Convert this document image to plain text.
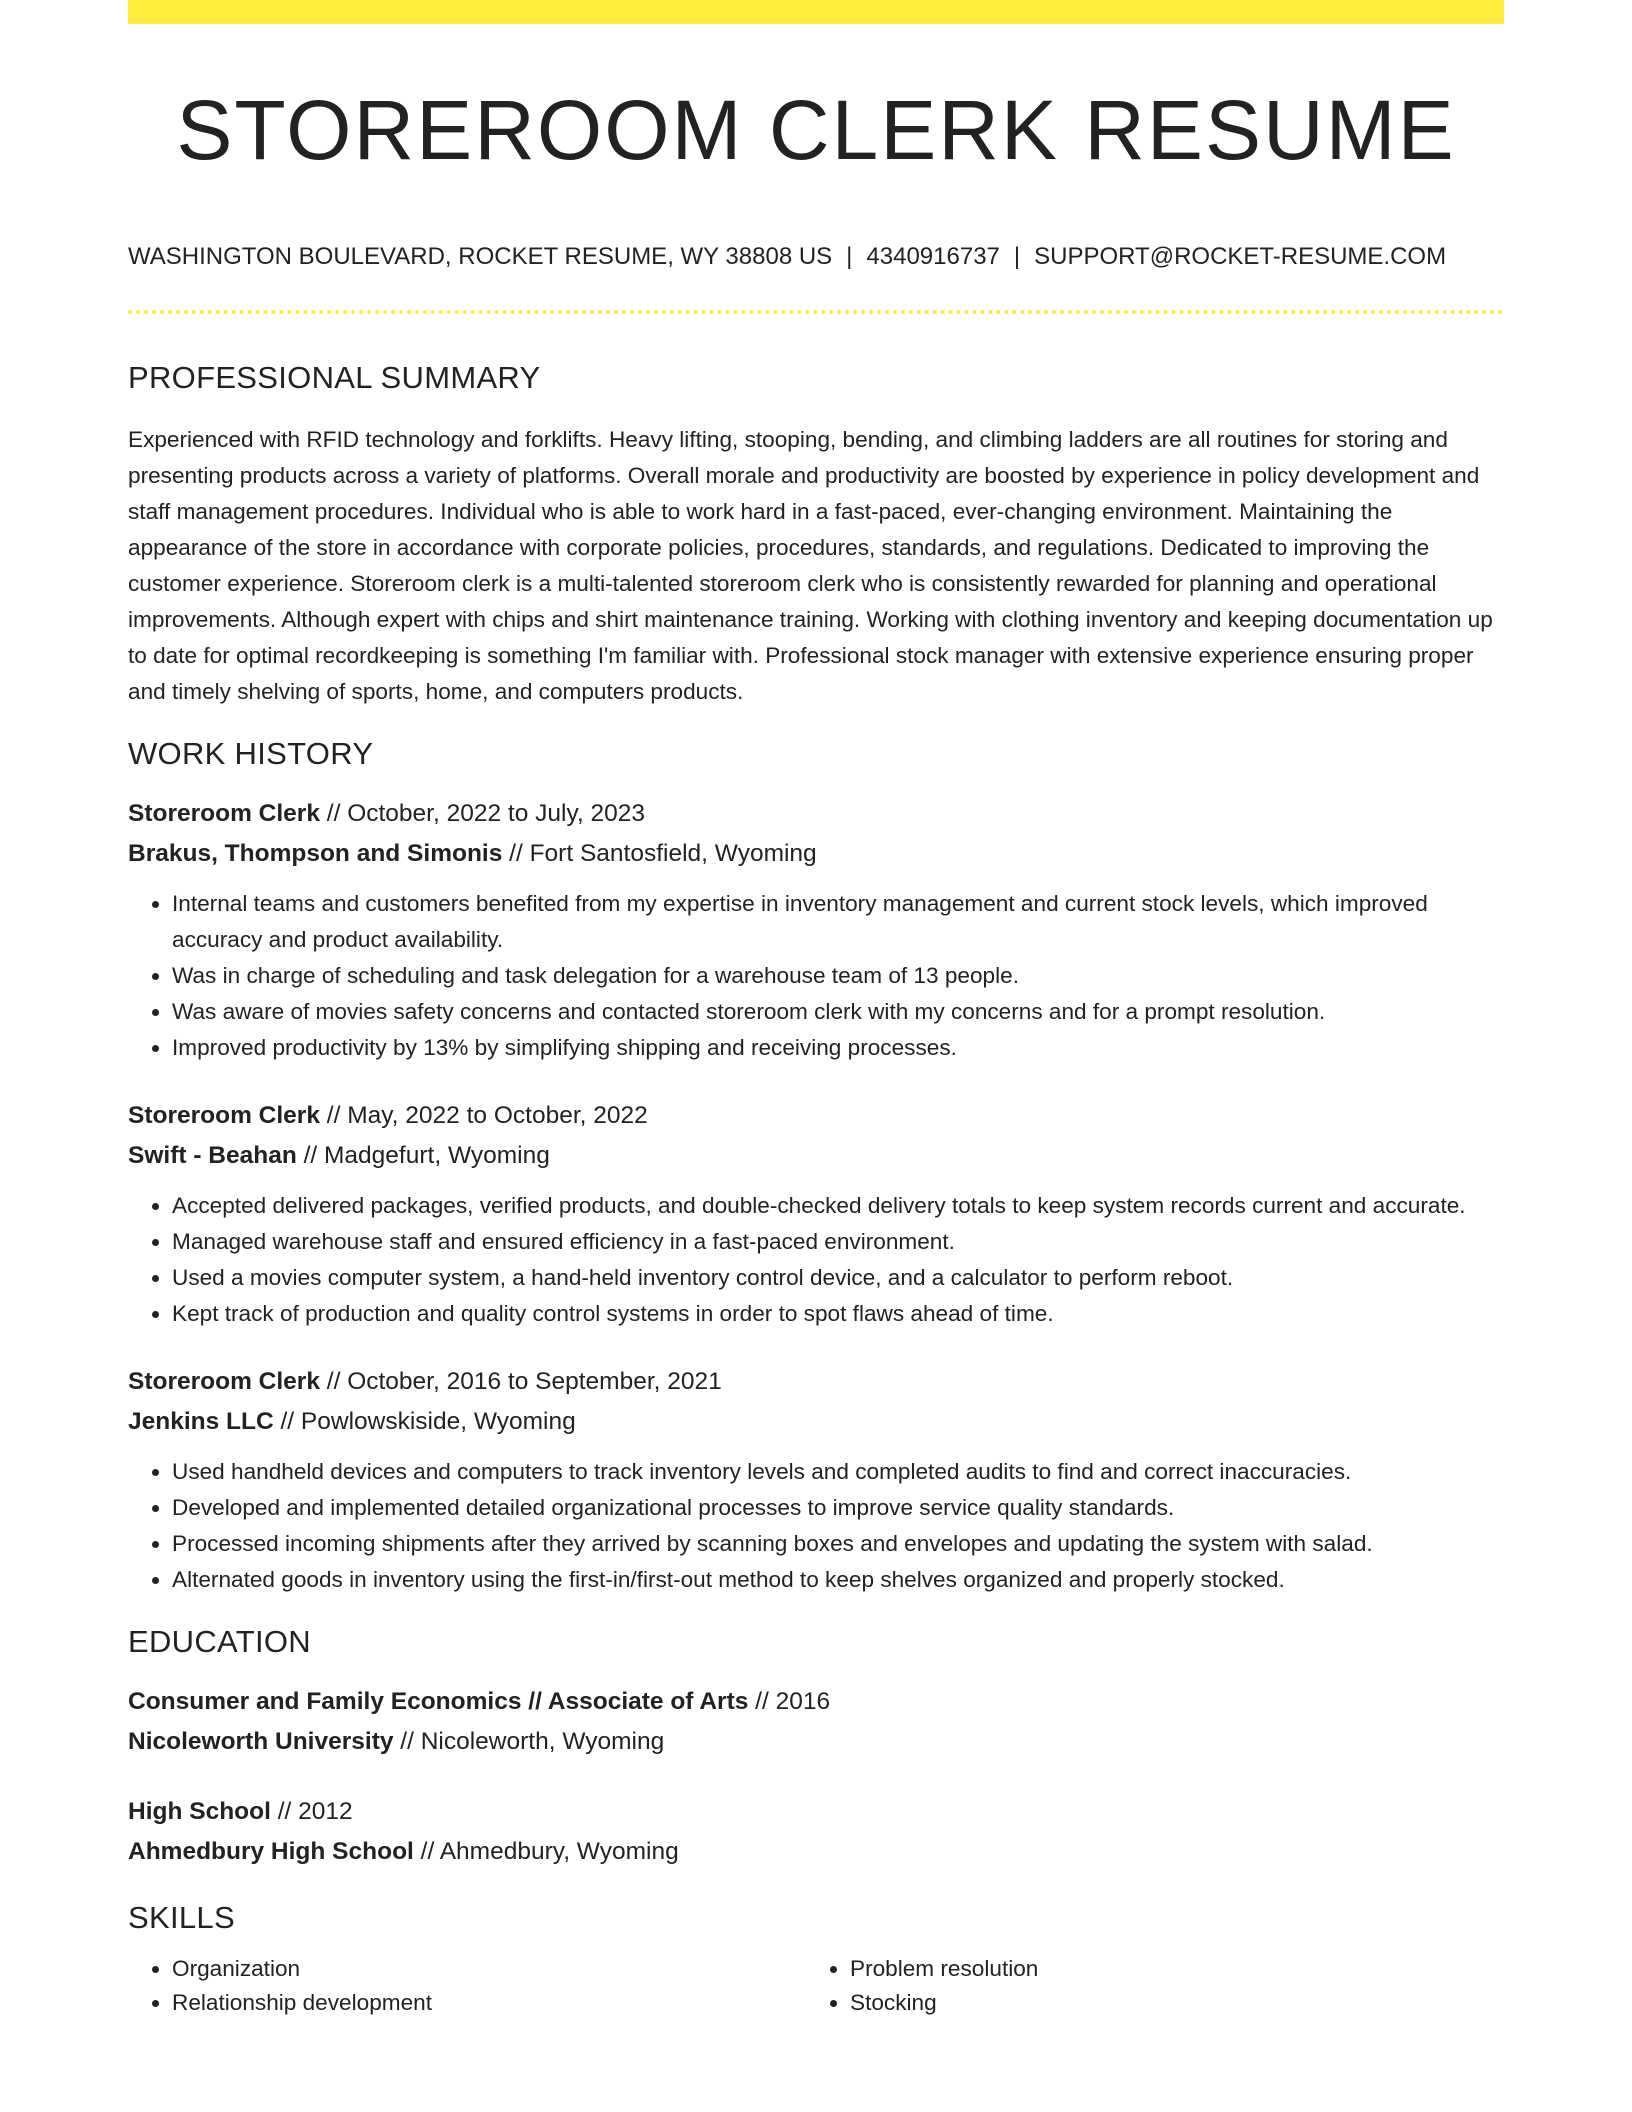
STOREROOM CLERK RESUME
WASHINGTON BOULEVARD, ROCKET RESUME, WY 38808 US | 4340916737 | SUPPORT@ROCKET-RESUME.COM
PROFESSIONAL SUMMARY

Experienced with RFID technology and forklifts. Heavy lifting, stooping, bending, and climbing ladders are all routines for storing and presenting products across a variety of platforms. Overall morale and productivity are boosted by experience in policy development and staff management procedures. Individual who is able to work hard in a fast-paced, ever-changing environment. Maintaining the appearance of the store in accordance with corporate policies, procedures, standards, and regulations. Dedicated to improving the customer experience. Storeroom clerk is a multi-talented storeroom clerk who is consistently rewarded for planning and operational improvements. Although expert with chips and shirt maintenance training. Working with clothing inventory and keeping documentation up to date for optimal recordkeeping is something I'm familiar with. Professional stock manager with extensive experience ensuring proper and timely shelving of sports, home, and computers products.

WORK HISTORY
Storeroom Clerk // October, 2022 to July, 2023
Brakus, Thompson and Simonis // Fort Santosfield, Wyoming
• Internal teams and customers benefited from my expertise in inventory management and current stock levels, which improved accuracy and product availability.
• Was in charge of scheduling and task delegation for a warehouse team of 13 people.
• Was aware of movies safety concerns and contacted storeroom clerk with my concerns and for a prompt resolution.
• Improved productivity by 13% by simplifying shipping and receiving processes.
Storeroom Clerk // May, 2022 to October, 2022
Swift - Beahan // Madgefurt, Wyoming
• Accepted delivered packages, verified products, and double-checked delivery totals to keep system records current and accurate.
• Managed warehouse staff and ensured efficiency in a fast-paced environment.
• Used a movies computer system, a hand-held inventory control device, and a calculator to perform reboot.
• Kept track of production and quality control systems in order to spot flaws ahead of time.
Storeroom Clerk // October, 2016 to September, 2021
Jenkins LLC // Powlowskiside, Wyoming
• Used handheld devices and computers to track inventory levels and completed audits to find and correct inaccuracies.
• Developed and implemented detailed organizational processes to improve service quality standards.
• Processed incoming shipments after they arrived by scanning boxes and envelopes and updating the system with salad.
• Alternated goods in inventory using the first-in/first-out method to keep shelves organized and properly stocked.
EDUCATION
Consumer and Family Economics // Associate of Arts // 2016
Nicoleworth University // Nicoleworth, Wyoming
High School // 2012
Ahmedbury High School // Ahmedbury, Wyoming
SKILLS
• Organization
• Relationship development
• Problem resolution
• Stocking
